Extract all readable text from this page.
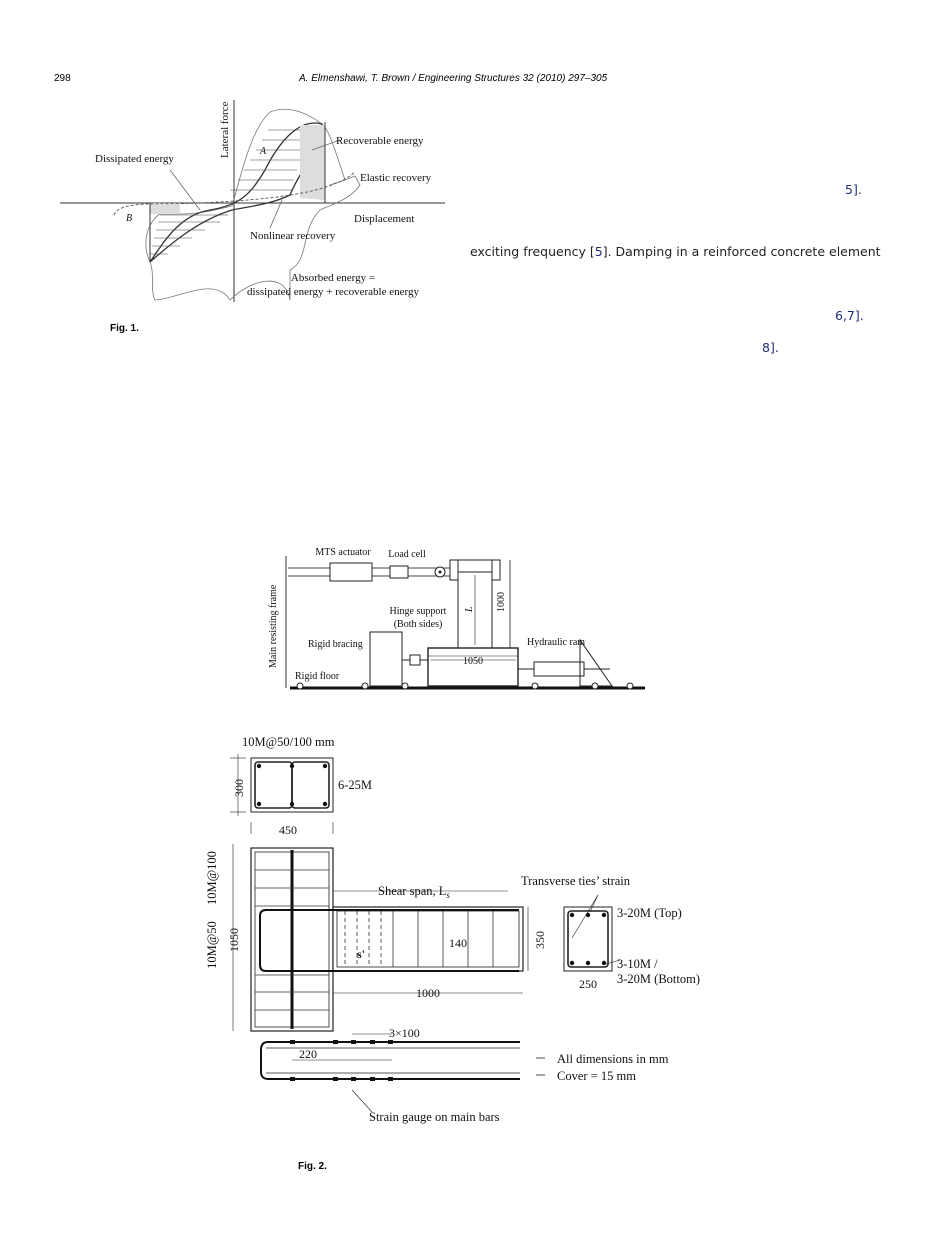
298	A. Elmenshawi, T. Brown / Engineering Structures 32 (2010) 297–305
Lateral force	Recoverable energy
Dissipated energy
A
Elastic recovery
Displacement
B
Nonlinear recovery
Absorbed energy =
dissipated energy + recoverable energy
Fig. 1.
5].
exciting frequency [5]. Damping in a reinforced concrete element
6,7].
8].
MTS actuator Load cell
Main resisting frame	Hinge support
(Both sides)
Rigid bracing
Rigid floor
Hydraulic ram
1050
1000
L
10M@50/100 mm
300	6-25M
450
10M@100
10M@50 1050
Shear span, $L_s$
Transverse ties’ strain
140
s'
1000
350
3-20M (Top)
3-10M /
3-20M (Bottom)
250
3×100
220	All dimensions in mm
Cover = 15 mm
Strain gauge on main bars
Fig. 2.
